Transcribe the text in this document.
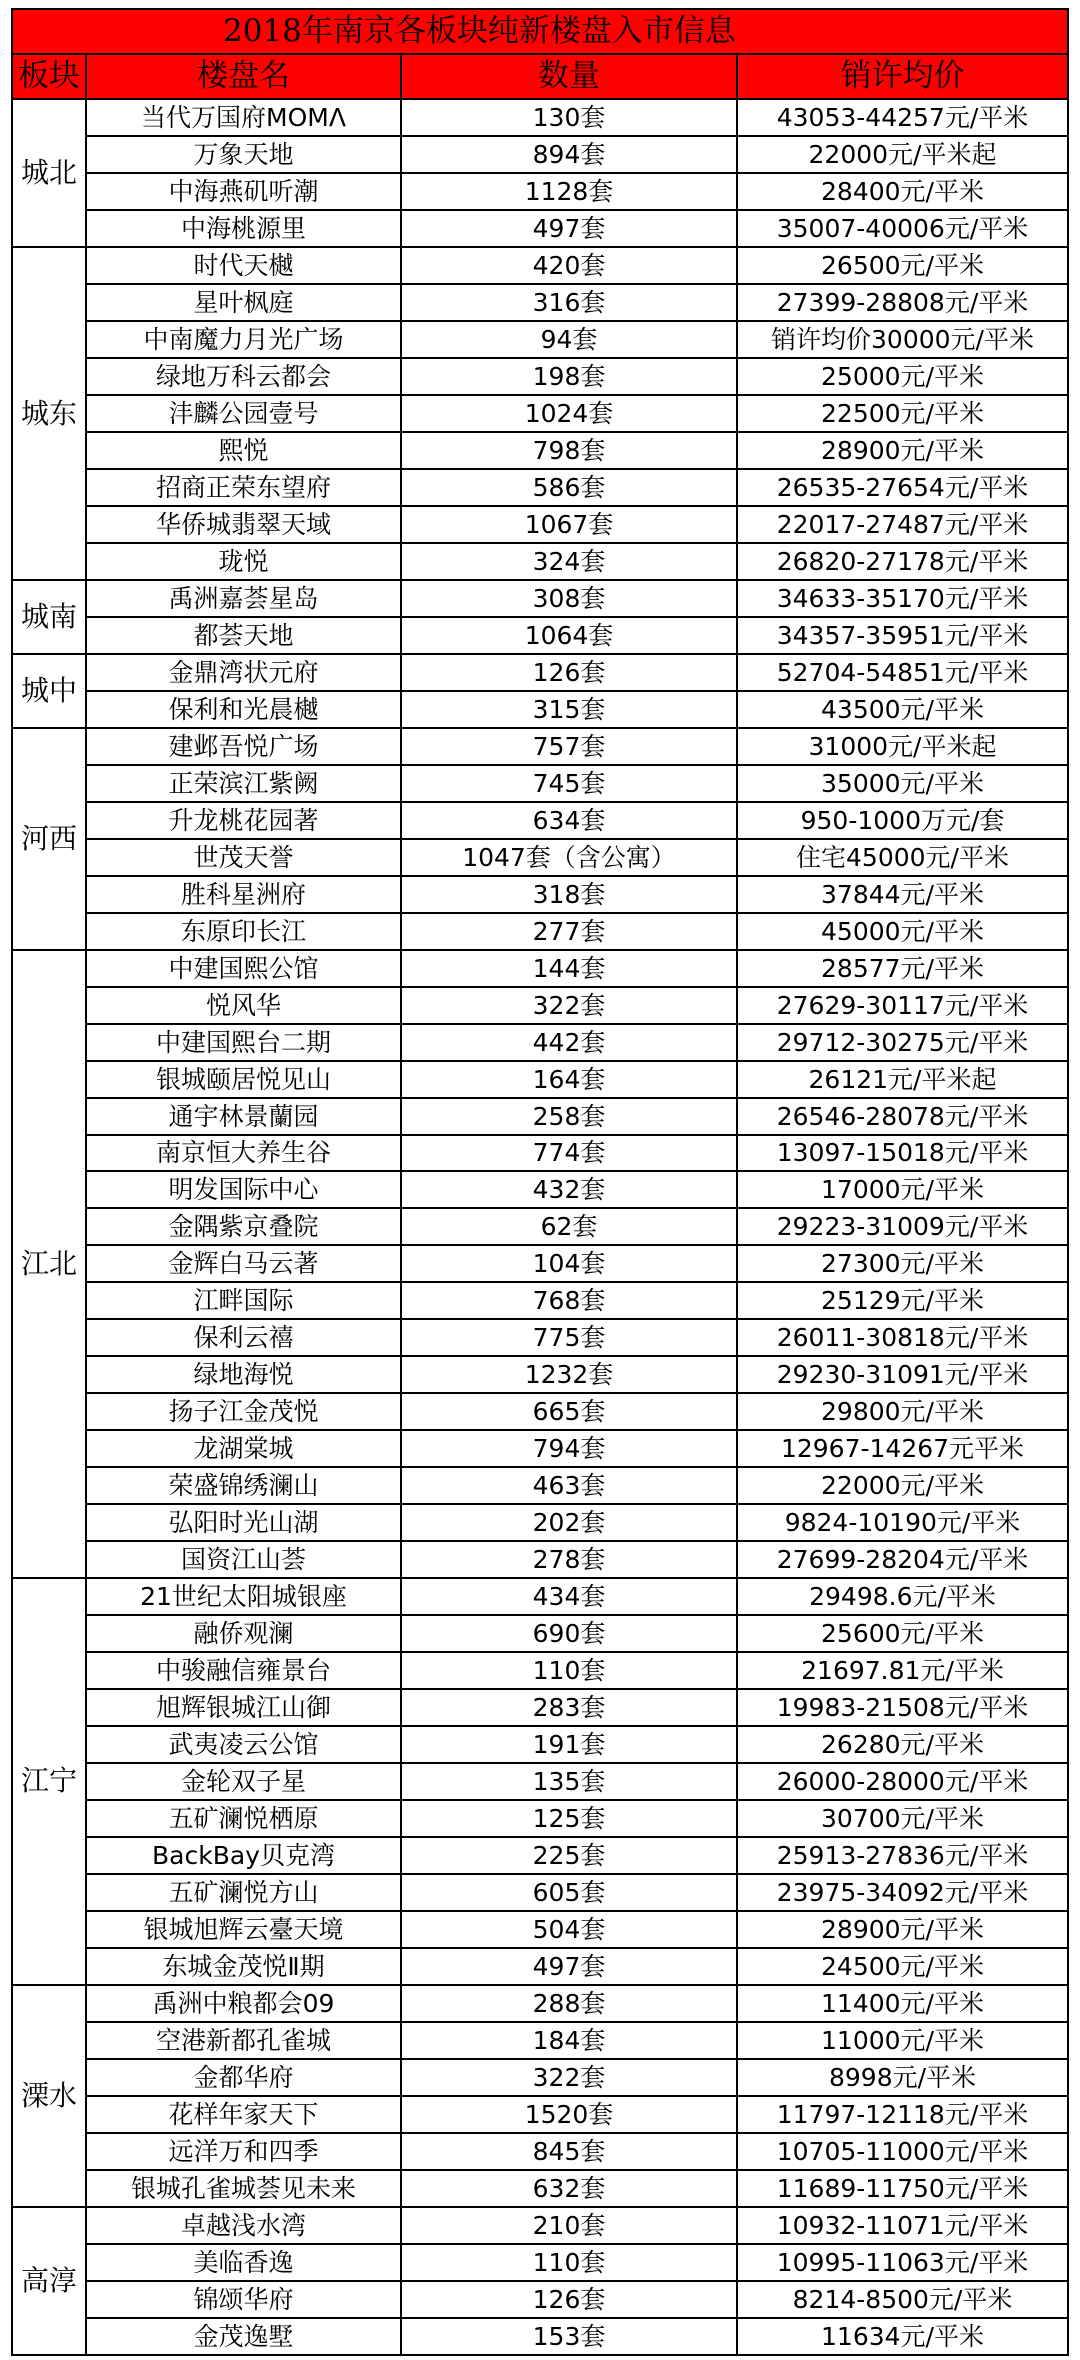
2018年南京各板块纯新楼盘入市信息			
板块	楼盘名	数量	销许均价
城北	当代万国府MOMΛ	130套	43053-44257元/平米
	万象天地	894套	22000元/平米起
	中海燕矶听潮	1128套	28400元/平米
	中海桃源里	497套	35007-40006元/平米
城东	时代天樾	420套	26500元/平米
	星叶枫庭	316套	27399-28808元/平米
	中南魔力月光广场	94套	销许均价30000元/平米
	绿地万科云都会	198套	25000元/平米
	沣麟公园壹号	1024套	22500元/平米
	熙悦	798套	28900元/平米
	招商正荣东望府	586套	26535-27654元/平米
	华侨城翡翠天域	1067套	22017-27487元/平米
	珑悦	324套	26820-27178元/平米
城南	禹洲嘉荟星岛	308套	34633-35170元/平米
	都荟天地	1064套	34357-35951元/平米
城中	金鼎湾状元府	126套	52704-54851元/平米
	保利和光晨樾	315套	43500元/平米
河西	建邺吾悦广场	757套	31000元/平米起
	正荣滨江紫阙	745套	35000元/平米
	升龙桃花园著	634套	950-1000万元/套
	世茂天誉	1047套（含公寓）	住宅45000元/平米
	胜科星洲府	318套	37844元/平米
	东原印长江	277套	45000元/平米
江北	中建国熙公馆	144套	28577元/平米
	悦风华	322套	27629-30117元/平米
	中建国熙台二期	442套	29712-30275元/平米
	银城颐居悦见山	164套	26121元/平米起
	通宇林景蘭园	258套	26546-28078元/平米
	南京恒大养生谷	774套	13097-15018元/平米
	明发国际中心	432套	17000元/平米
	金隅紫京叠院	62套	29223-31009元/平米
	金辉白马云著	104套	27300元/平米
	江畔国际	768套	25129元/平米
	保利云禧	775套	26011-30818元/平米
	绿地海悦	1232套	29230-31091元/平米
	扬子江金茂悦	665套	29800元/平米
	龙湖棠城	794套	12967-14267元平米
	荣盛锦绣澜山	463套	22000元/平米
	弘阳时光山湖	202套	9824-10190元/平米
	国资江山荟	278套	27699-28204元/平米
江宁	21世纪太阳城银座	434套	29498.6元/平米
	融侨观澜	690套	25600元/平米
	中骏融信雍景台	110套	21697.81元/平米
	旭辉银城江山御	283套	19983-21508元/平米
	武夷凌云公馆	191套	26280元/平米
	金轮双子星	135套	26000-28000元/平米
	五矿澜悦栖原	125套	30700元/平米
	BackBay贝克湾	225套	25913-27836元/平米
	五矿澜悦方山	605套	23975-34092元/平米
	银城旭辉云臺天境	504套	28900元/平米
	东城金茂悦Ⅱ期	497套	24500元/平米
溧水	禹洲中粮都会09	288套	11400元/平米
	空港新都孔雀城	184套	11000元/平米
	金都华府	322套	8998元/平米
	花样年家天下	1520套	11797-12118元/平米
	远洋万和四季	845套	10705-11000元/平米
	银城孔雀城荟见未来	632套	11689-11750元/平米
高淳	卓越浅水湾	210套	10932-11071元/平米
	美临香逸	110套	10995-11063元/平米
	锦颂华府	126套	8214-8500元/平米
	金茂逸墅	153套	11634元/平米
